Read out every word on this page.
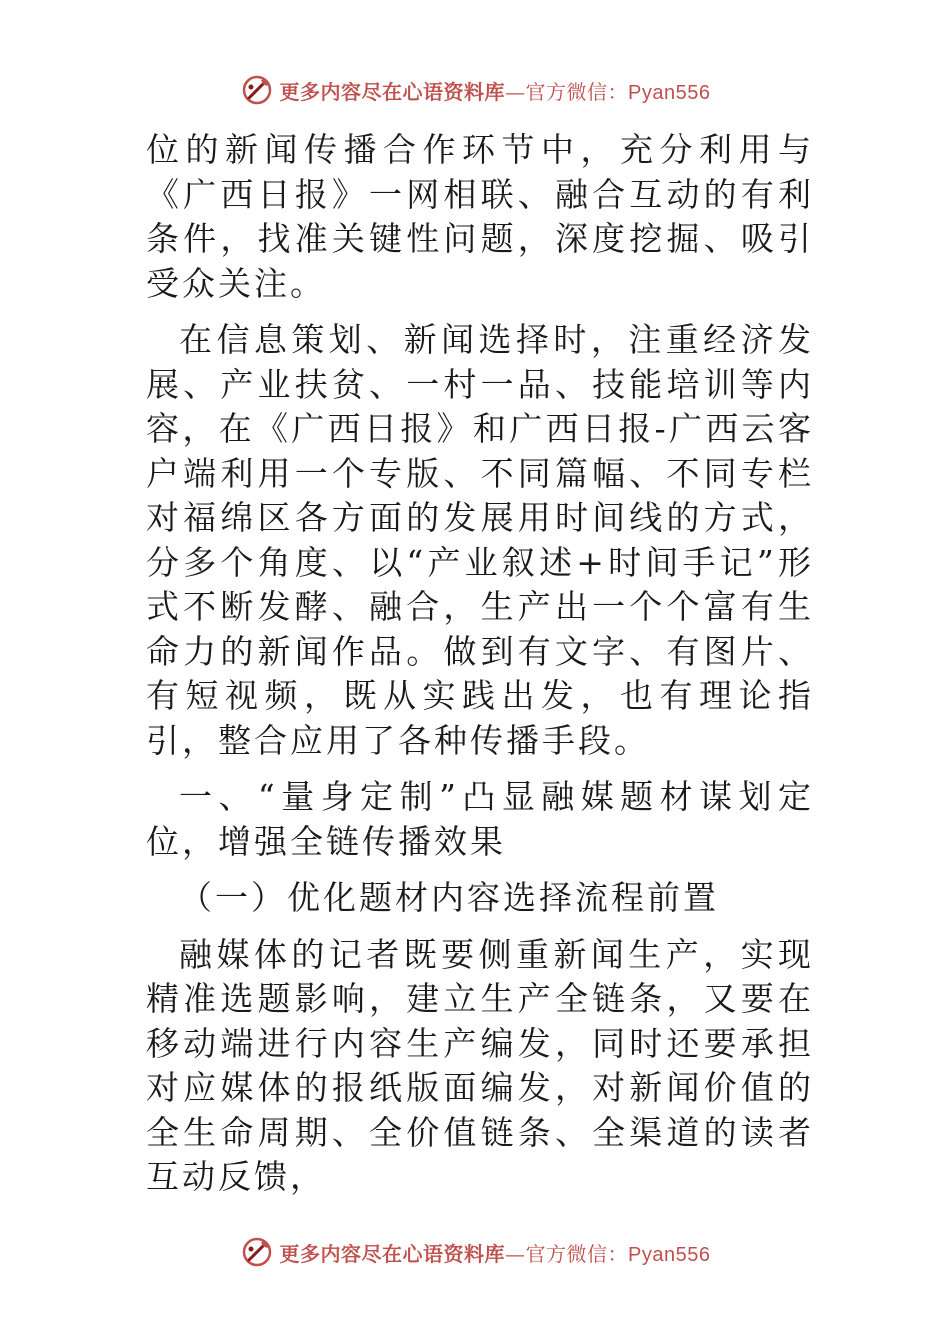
更多内容尽在心语资料库—官方微信：Pyan556

位的新闻传播合作环节中，充分利用与《广西日报》一网相联、融合互动的有利条件，找准关键性问题，深度挖掘、吸引受众关注。

在信息策划、新闻选择时，注重经济发展、产业扶贫、一村一品、技能培训等内容，在《广西日报》和广西日报-广西云客户端利用一个专版、不同篇幅、不同专栏对福绵区各方面的发展用时间线的方式，分多个角度、以“产业叙述+时间手记”形式不断发酵、融合，生产出一个个富有生命力的新闻作品。做到有文字、有图片、有短视频，既从实践出发，也有理论指引，整合应用了各种传播手段。

一、“量身定制”凸显融媒题材谋划定位，增强全链传播效果

（一）优化题材内容选择流程前置

融媒体的记者既要侧重新闻生产，实现精准选题影响，建立生产全链条，又要在移动端进行内容生产编发，同时还要承担对应媒体的报纸版面编发，对新闻价值的全生命周期、全价值链条、全渠道的读者互动反馈，

更多内容尽在心语资料库—官方微信：Pyan556
